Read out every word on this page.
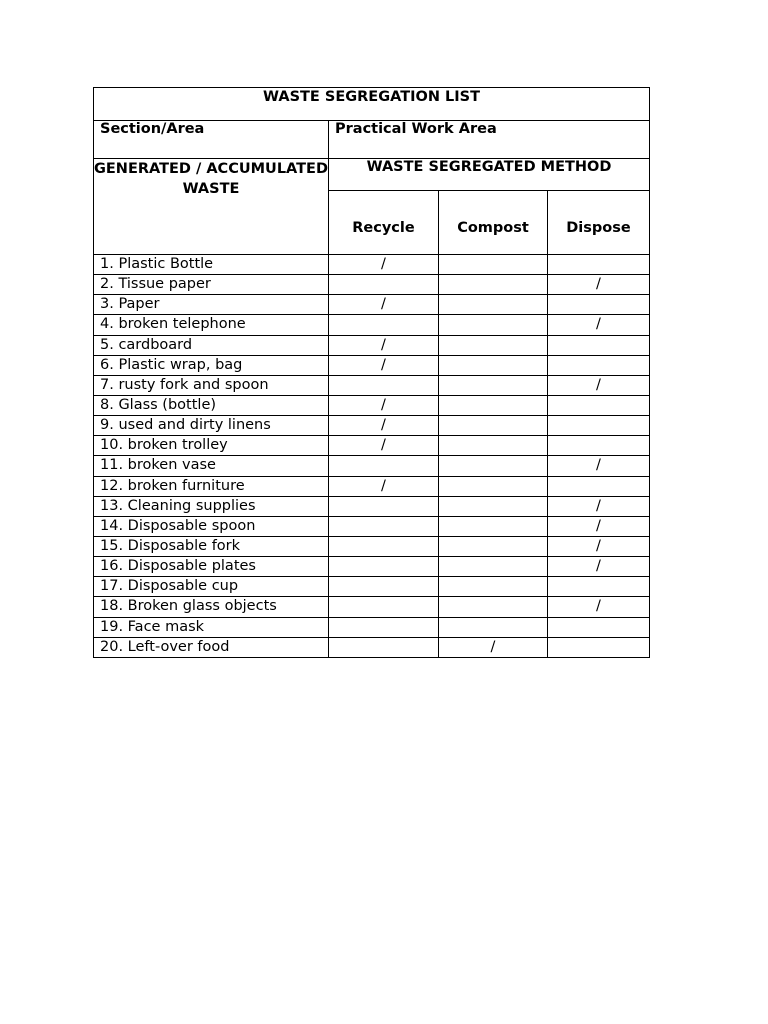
WASTE SEGREGATION LIST			
Section/Area	Practical Work Area		
GENERATED / ACCUMULATED WASTE	WASTE SEGREGATED METHOD		
	Recycle	Compost	Dispose
1. Plastic Bottle	/		
2. Tissue paper			/
3. Paper	/		
4. broken telephone			/
5. cardboard	/		
6. Plastic wrap, bag	/		
7. rusty fork and spoon			/
8. Glass (bottle)	/		
9. used and dirty linens	/		
10. broken trolley	/		
11. broken vase			/
12. broken furniture	/		
13. Cleaning supplies			/
14. Disposable spoon			/
15. Disposable fork			/
16. Disposable plates			/
17. Disposable cup			
18. Broken glass objects			/
19. Face mask			
20. Left-over food		/	
